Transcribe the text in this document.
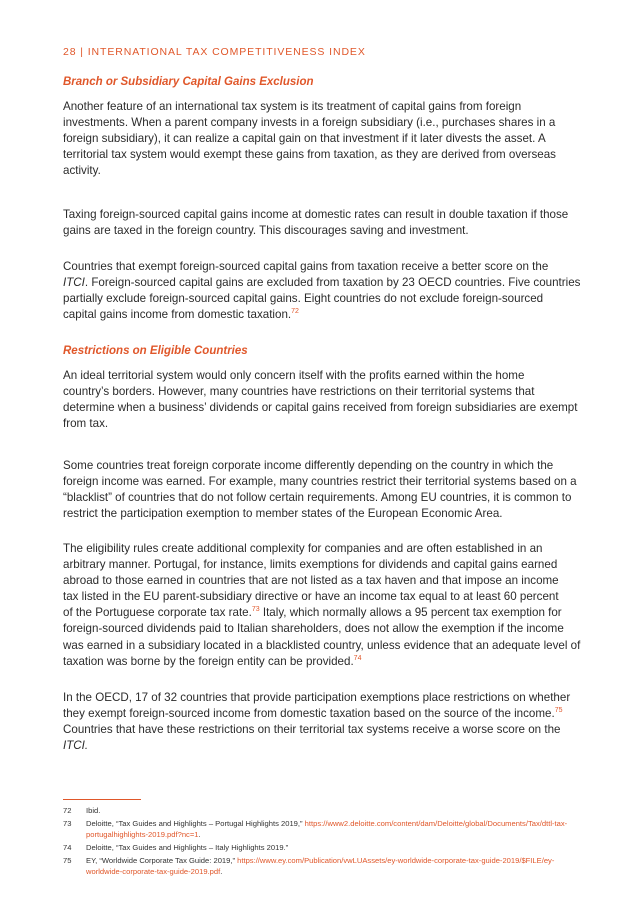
28 | INTERNATIONAL TAX COMPETITIVENESS INDEX
Branch or Subsidiary Capital Gains Exclusion
Another feature of an international tax system is its treatment of capital gains from foreign
investments. When a parent company invests in a foreign subsidiary (i.e., purchases shares in a
foreign subsidiary), it can realize a capital gain on that investment if it later divests the asset. A
territorial tax system would exempt these gains from taxation, as they are derived from overseas
activity.
Taxing foreign-sourced capital gains income at domestic rates can result in double taxation if those
gains are taxed in the foreign country. This discourages saving and investment.
Countries that exempt foreign-sourced capital gains from taxation receive a better score on the
ITCI. Foreign-sourced capital gains are excluded from taxation by 23 OECD countries. Five countries
partially exclude foreign-sourced capital gains. Eight countries do not exclude foreign-sourced
capital gains income from domestic taxation.$^{72}$
Restrictions on Eligible Countries
An ideal territorial system would only concern itself with the profits earned within the home
country’s borders. However, many countries have restrictions on their territorial systems that
determine when a business’ dividends or capital gains received from foreign subsidiaries are exempt
from tax.
Some countries treat foreign corporate income differently depending on the country in which the
foreign income was earned. For example, many countries restrict their territorial systems based on a
“blacklist” of countries that do not follow certain requirements. Among EU countries, it is common to
restrict the participation exemption to member states of the European Economic Area.
The eligibility rules create additional complexity for companies and are often established in an
arbitrary manner. Portugal, for instance, limits exemptions for dividends and capital gains earned
abroad to those earned in countries that are not listed as a tax haven and that impose an income
tax listed in the EU parent-subsidiary directive or have an income tax equal to at least 60 percent
of the Portuguese corporate tax rate.$^{73}$ Italy, which normally allows a 95 percent tax exemption for
foreign-sourced dividends paid to Italian shareholders, does not allow the exemption if the income
was earned in a subsidiary located in a blacklisted country, unless evidence that an adequate level of
taxation was borne by the foreign entity can be provided.$^{74}$
In the OECD, 17 of 32 countries that provide participation exemptions place restrictions on whether
they exempt foreign-sourced income from domestic taxation based on the source of the income.$^{75}$
Countries that have these restrictions on their territorial tax systems receive a worse score on the
ITCI.
72 Ibid.
73 Deloitte, “Tax Guides and Highlights – Portugal Highlights 2019,” https://www2.deloitte.com/content/dam/Deloitte/global/Documents/Tax/dttl-tax-
portugalhighlights-2019.pdf?nc=1.
74 Deloitte, “Tax Guides and Highlights – Italy Highlights 2019.”
75 EY, “Worldwide Corporate Tax Guide: 2019,” https://www.ey.com/Publication/vwLUAssets/ey-worldwide-corporate-tax-guide-2019/$FILE/ey-
worldwide-corporate-tax-guide-2019.pdf.
